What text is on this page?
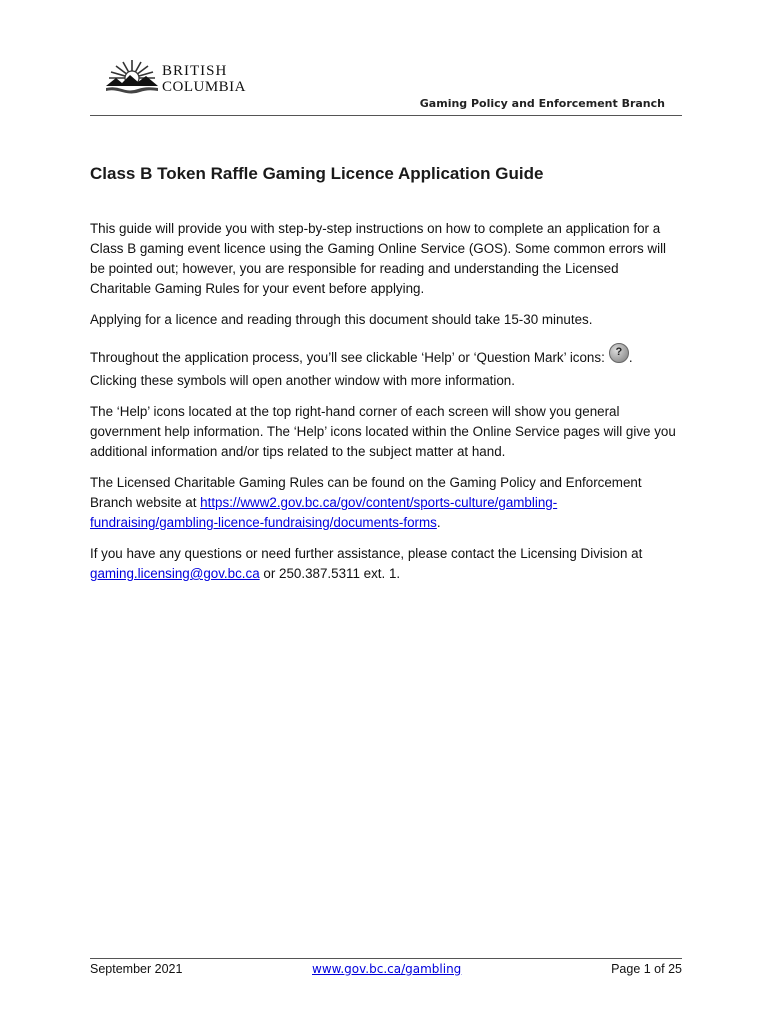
BRITISH
COLUMBIA
Gaming Policy and Enforcement Branch
Class B Token Raffle Gaming Licence Application Guide

This guide will provide you with step-by-step instructions on how to complete an application for a Class B gaming event licence using the Gaming Online Service (GOS). Some common errors will be pointed out; however, you are responsible for reading and understanding the Licensed Charitable Gaming Rules for your event before applying.

Applying for a licence and reading through this document should take 15-30 minutes.

Throughout the application process, you’ll see clickable ‘Help’ or ‘Question Mark’ icons: ? . Clicking these symbols will open another window with more information.

The ‘Help’ icons located at the top right-hand corner of each screen will show you general government help information. The ‘Help’ icons located within the Online Service pages will give you additional information and/or tips related to the subject matter at hand.

The Licensed Charitable Gaming Rules can be found on the Gaming Policy and Enforcement Branch website at https://www2.gov.bc.ca/gov/content/sports-culture/gambling-fundraising/gambling-licence-fundraising/documents-forms.

If you have any questions or need further assistance, please contact the Licensing Division at gaming.licensing@gov.bc.ca or 250.387.5311 ext. 1.

September 2021	www.gov.bc.ca/gambling	Page 1 of 25
